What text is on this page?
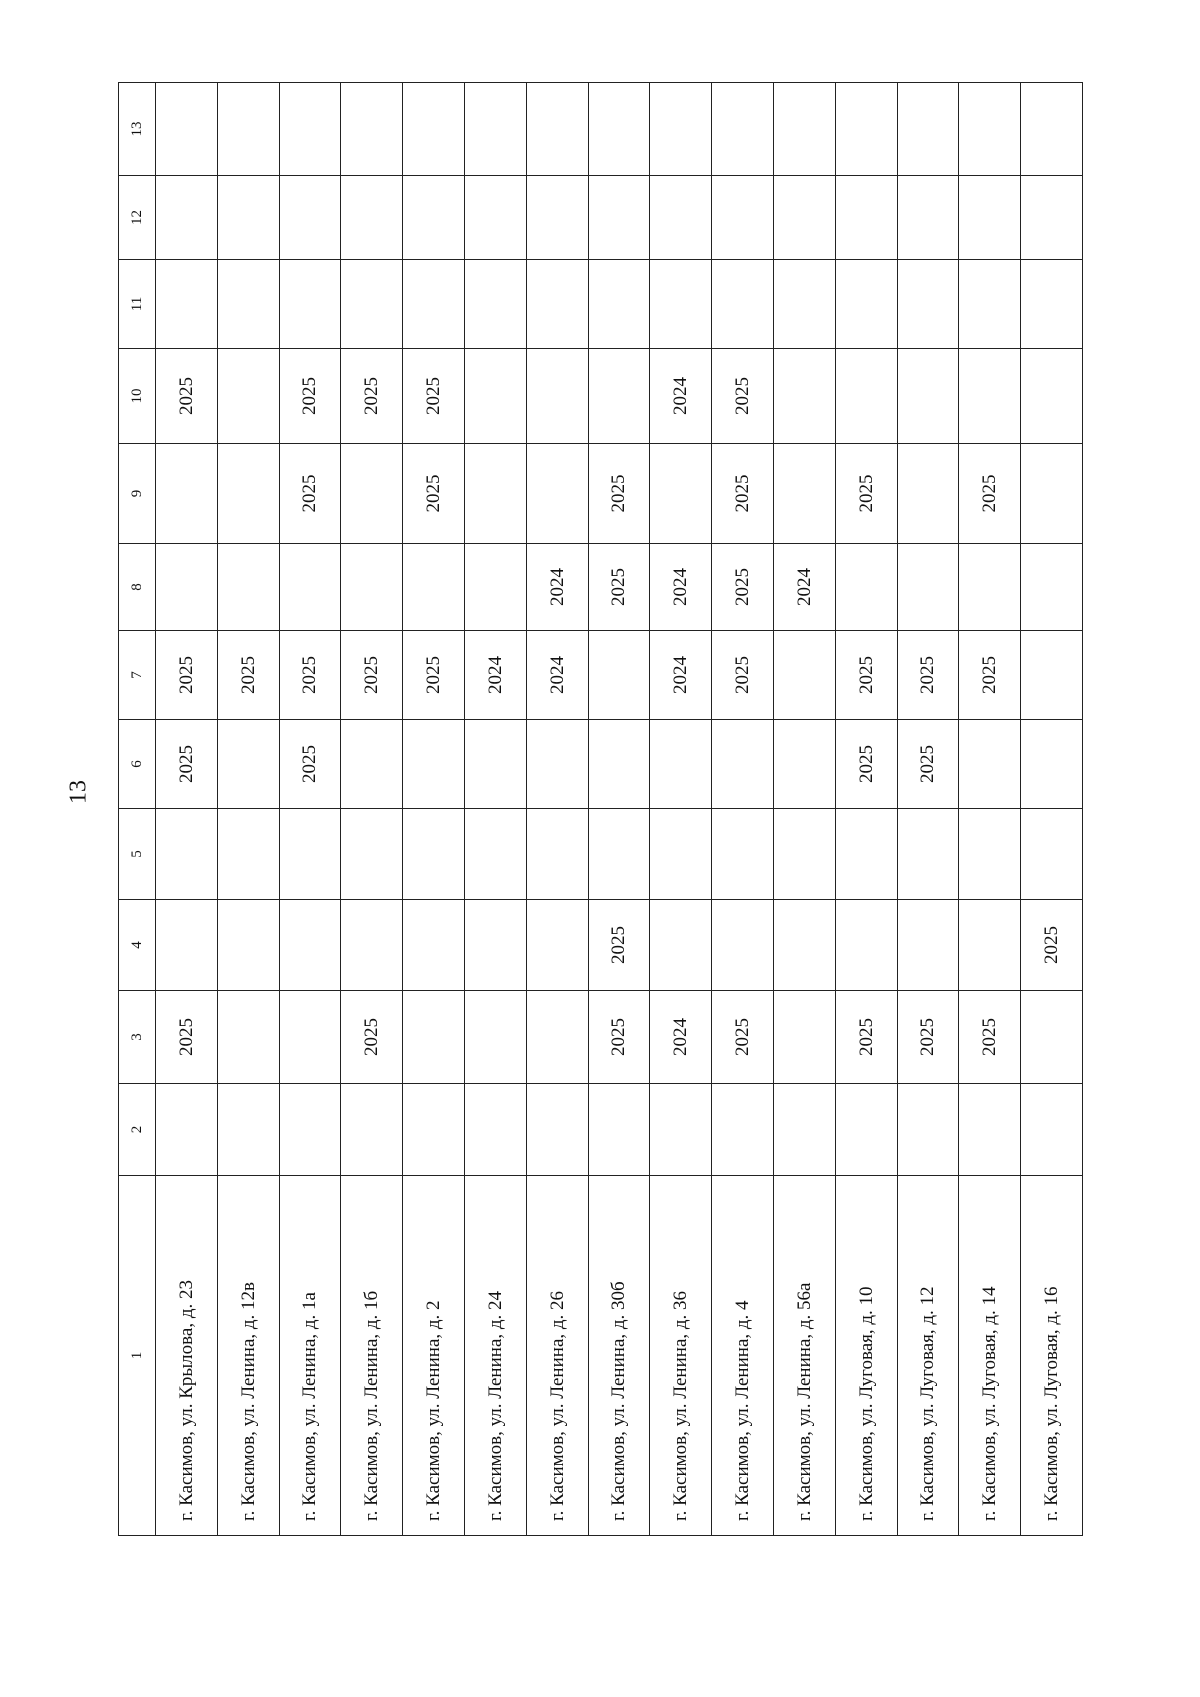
13
1	2	3	4	5	6	7	8	9	10	11	12	13
г. Касимов, ул. Крылова, д. 23		2025			2025	2025			2025			
г. Касимов, ул. Ленина, д. 12в						2025						
г. Касимов, ул. Ленина, д. 1а					2025	2025		2025	2025			
г. Касимов, ул. Ленина, д. 1б		2025				2025			2025			
г. Касимов, ул. Ленина, д. 2						2025		2025	2025			
г. Касимов, ул. Ленина, д. 24						2024						
г. Касимов, ул. Ленина, д. 26						2024	2024					
г. Касимов, ул. Ленина, д. 30б		2025	2025				2025	2025				
г. Касимов, ул. Ленина, д. 36		2024				2024	2024		2024			
г. Касимов, ул. Ленина, д. 4		2025				2025	2025	2025	2025			
г. Касимов, ул. Ленина, д. 56а							2024					
г. Касимов, ул. Луговая, д. 10		2025			2025	2025		2025				
г. Касимов, ул. Луговая, д. 12		2025			2025	2025						
г. Касимов, ул. Луговая, д. 14		2025				2025		2025				
г. Касимов, ул. Луговая, д. 16			2025									
